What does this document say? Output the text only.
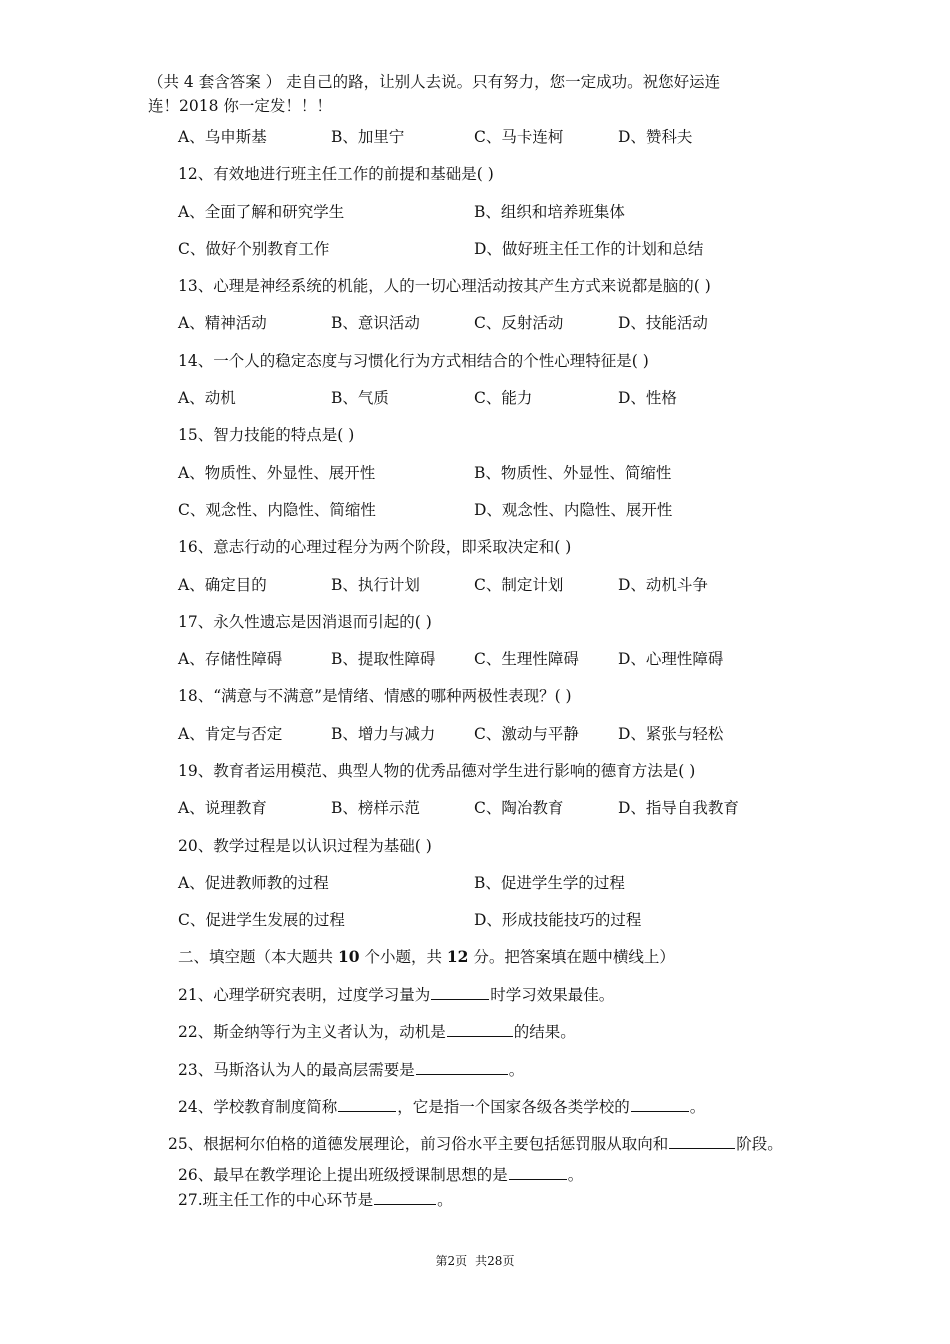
（共 4 套含答案 ） 走自己的路，让别人去说。只有努力，您一定成功。祝您好运连
连！2018 你一定发！！！
A、乌申斯基	B、加里宁	C、马卡连柯	D、赞科夫
12、有效地进行班主任工作的前提和基础是( )
A、全面了解和研究学生	B、组织和培养班集体
C、做好个别教育工作	D、做好班主任工作的计划和总结
13、心理是神经系统的机能，人的一切心理活动按其产生方式来说都是脑的( )
A、精神活动	B、意识活动	C、反射活动	D、技能活动
14、一个人的稳定态度与习惯化行为方式相结合的个性心理特征是( )
A、动机	B、气质	C、能力	D、性格
15、智力技能的特点是( )
A、物质性、外显性、展开性	B、物质性、外显性、简缩性
C、观念性、内隐性、简缩性	D、观念性、内隐性、展开性
16、意志行动的心理过程分为两个阶段，即采取决定和( )
A、确定目的	B、执行计划	C、制定计划	D、动机斗争
17、永久性遗忘是因消退而引起的( )
A、存储性障碍	B、提取性障碍 C、生理性障碍	D、心理性障碍
18、“满意与不满意”是情绪、情感的哪种两极性表现？( )
A、肯定与否定	B、增力与减力 C、激动与平静	D、紧张与轻松
19、教育者运用模范、典型人物的优秀品德对学生进行影响的德育方法是( )
A、说理教育	B、榜样示范	C、陶冶教育	D、指导自我教育
20、教学过程是以认识过程为基础( )
A、促进教师教的过程	B、促进学生学的过程
C、促进学生发展的过程	D、形成技能技巧的过程
二、填空题（本大题共 10 个小题，共 12 分。把答案填在题中横线上）
21、心理学研究表明，过度学习量为	时学习效果最佳。
22、斯金纳等行为主义者认为，动机是	的结果。
23、马斯洛认为人的最高层需要是	。
24、学校教育制度简称	，它是指一个国家各级各类学校的	。
25、根据柯尔伯格的道德发展理论，前习俗水平主要包括惩罚服从取向和	阶段。
26、最早在教学理论上提出班级授课制思想的是	。
27.班主任工作的中心环节是	。
第2页 共28页
